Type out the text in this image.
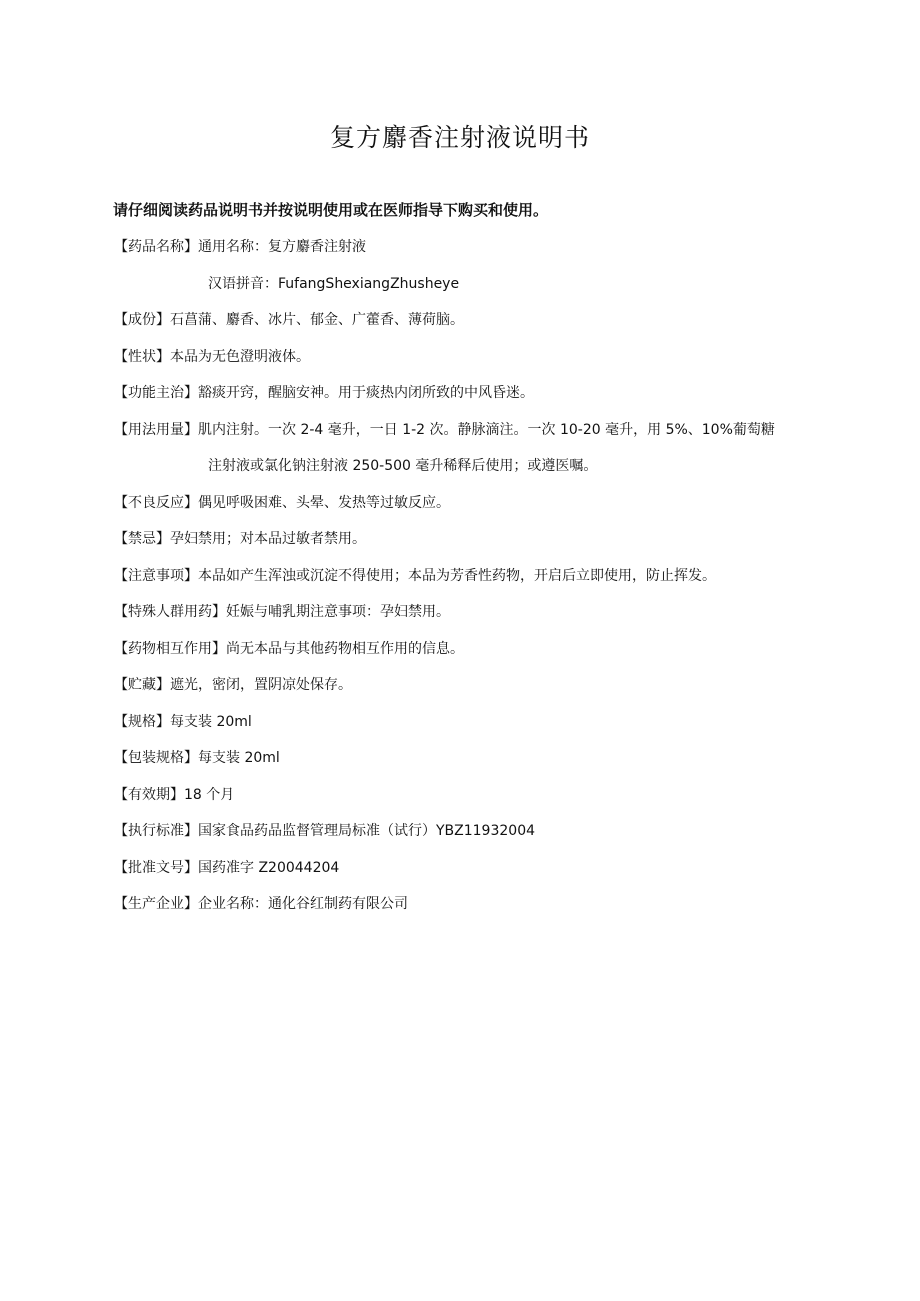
复方麝香注射液说明书
请仔细阅读药品说明书并按说明使用或在医师指导下购买和使用。
【药品名称】通用名称：复方麝香注射液
汉语拼音：FufangShexiangZhusheye
【成份】石菖蒲、麝香、冰片、郁金、广藿香、薄荷脑。
【性状】本品为无色澄明液体。
【功能主治】豁痰开窍，醒脑安神。用于痰热内闭所致的中风昏迷。
【用法用量】肌内注射。一次 2-4 毫升，一日 1-2 次。静脉滴注。一次 10-20 毫升，用 5%、10%葡萄糖
注射液或氯化钠注射液 250-500 毫升稀释后使用；或遵医嘱。
【不良反应】偶见呼吸困难、头晕、发热等过敏反应。
【禁忌】孕妇禁用；对本品过敏者禁用。
【注意事项】本品如产生浑浊或沉淀不得使用；本品为芳香性药物，开启后立即使用，防止挥发。
【特殊人群用药】妊娠与哺乳期注意事项：孕妇禁用。
【药物相互作用】尚无本品与其他药物相互作用的信息。
【贮藏】遮光，密闭，置阴凉处保存。
【规格】每支装 20ml
【包装规格】每支装 20ml
【有效期】18 个月
【执行标准】国家食品药品监督管理局标准（试行）YBZ11932004
【批准文号】国药准字 Z20044204
【生产企业】企业名称：通化谷红制药有限公司
